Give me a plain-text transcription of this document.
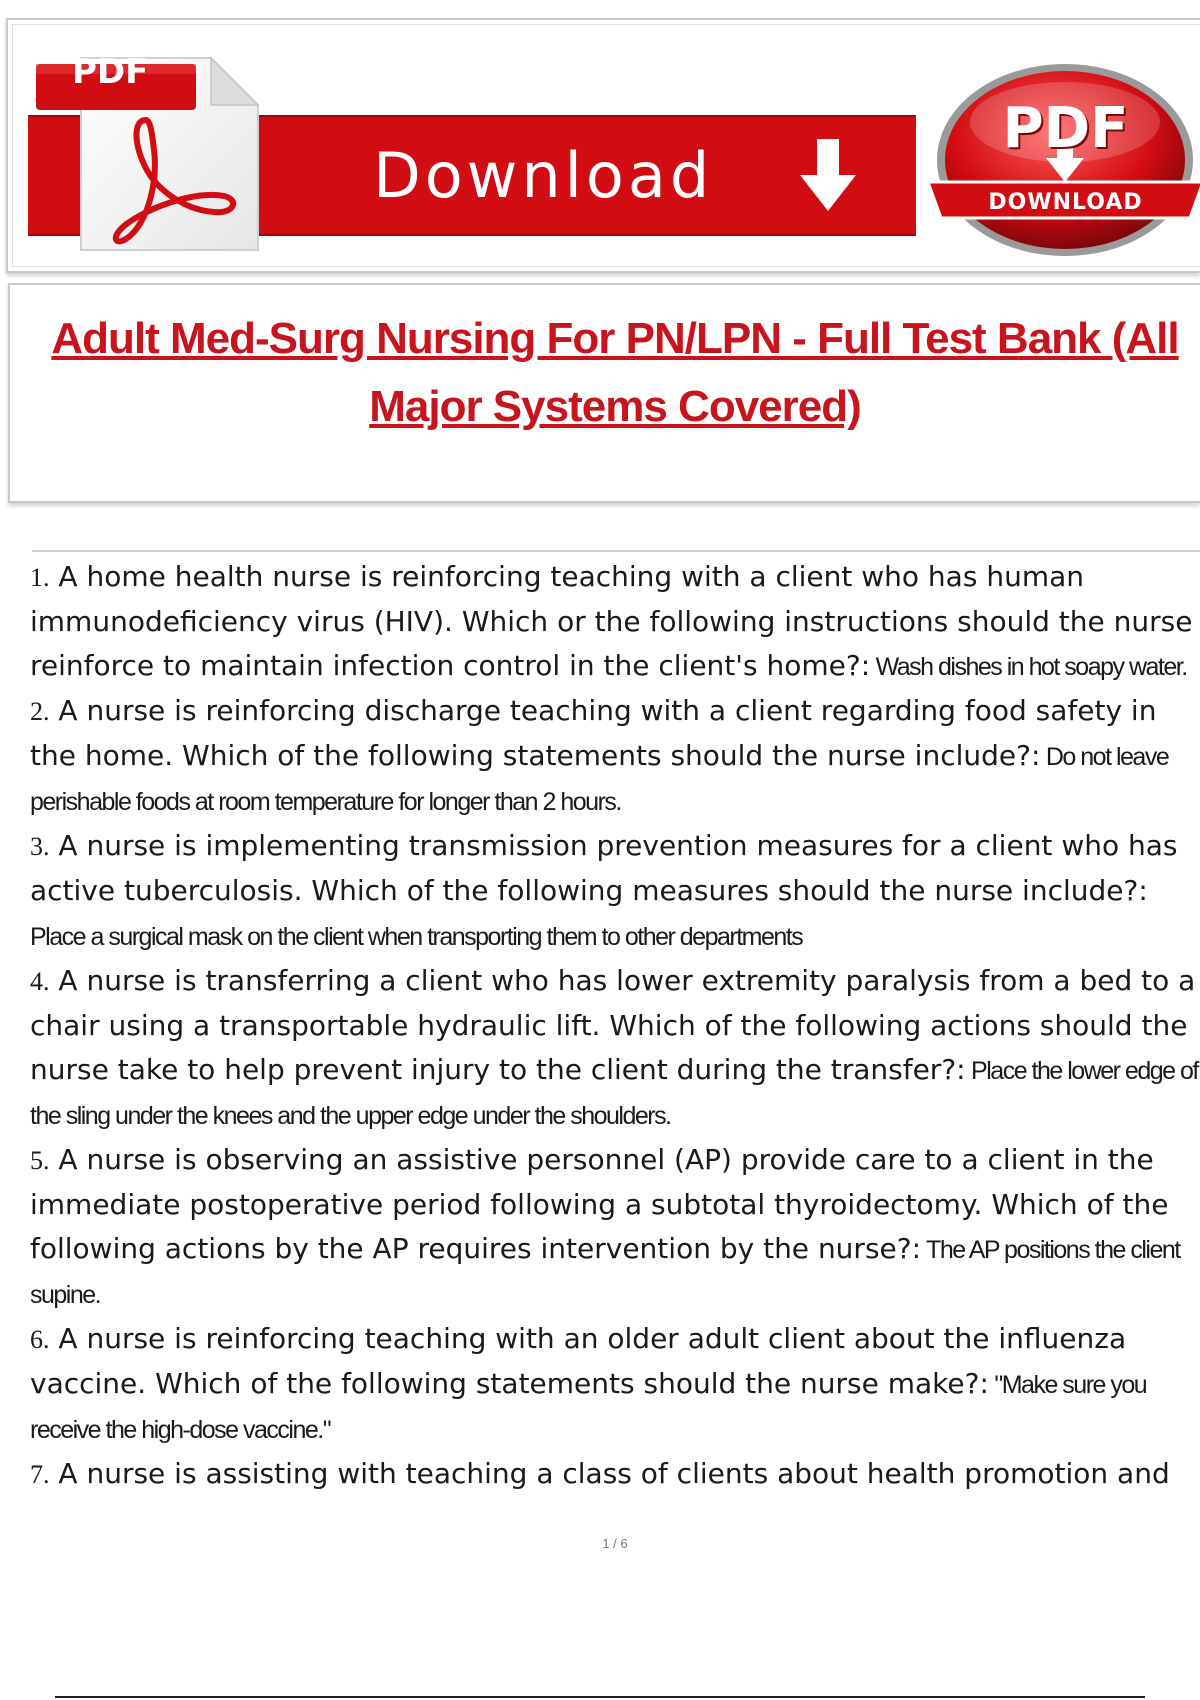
Download
PDF
PDF
DOWNLOAD
Adult Med-Surg Nursing For PN/LPN - Full Test Bank (All Major Systems Covered)

1. A home health nurse is reinforcing teaching with a client who has human immunodeficiency virus (HIV). Which or the following instructions should the nurse reinforce to maintain infection control in the client's home?: Wash dishes in hot soapy water.

2. A nurse is reinforcing discharge teaching with a client regarding food safety in the home. Which of the following statements should the nurse include?: Do not leave perishable foods at room temperature for longer than 2 hours.

3. A nurse is implementing transmission prevention measures for a client who has active tuberculosis. Which of the following measures should the nurse include?: Place a surgical mask on the client when transporting them to other departments

4. A nurse is transferring a client who has lower extremity paralysis from a bed to a chair using a transportable hydraulic lift. Which of the following actions should the nurse take to help prevent injury to the client during the transfer?: Place the lower edge of the sling under the knees and the upper edge under the shoulders.

5. A nurse is observing an assistive personnel (AP) provide care to a client in the immediate postoperative period following a subtotal thyroidectomy. Which of the following actions by the AP requires intervention by the nurse?: The AP positions the client supine.

6. A nurse is reinforcing teaching with an older adult client about the influenza vaccine. Which of the following statements should the nurse make?: "Make sure you receive the high-dose vaccine."

7. A nurse is assisting with teaching a class of clients about health promotion and

1 / 6
